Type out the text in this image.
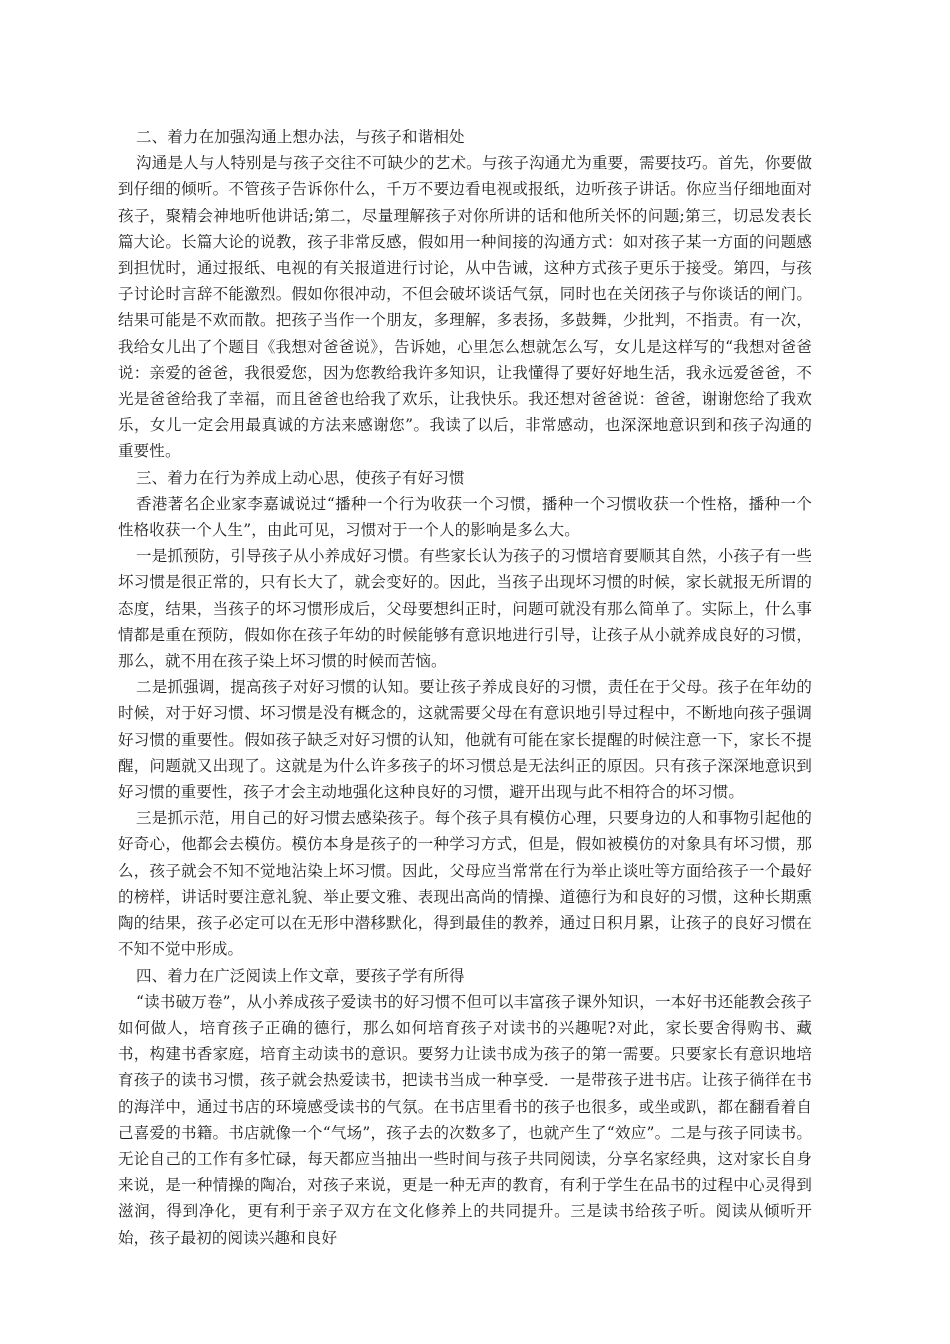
二、着力在加强沟通上想办法，与孩子和谐相处

沟通是人与人特别是与孩子交往不可缺少的艺术。与孩子沟通尤为重要，需要技巧。首先，你要做到仔细的倾听。不管孩子告诉你什么，千万不要边看电视或报纸，边听孩子讲话。你应当仔细地面对孩子，聚精会神地听他讲话;第二，尽量理解孩子对你所讲的话和他所关怀的问题;第三，切忌发表长篇大论。长篇大论的说教，孩子非常反感，假如用一种间接的沟通方式：如对孩子某一方面的问题感到担忧时，通过报纸、电视的有关报道进行讨论，从中告诫，这种方式孩子更乐于接受。第四，与孩子讨论时言辞不能激烈。假如你很冲动，不但会破坏谈话气氛，同时也在关闭孩子与你谈话的闸门。结果可能是不欢而散。把孩子当作一个朋友，多理解，多表扬，多鼓舞，少批判，不指责。有一次，我给女儿出了个题目《我想对爸爸说》，告诉她，心里怎么想就怎么写，女儿是这样写的“我想对爸爸说：亲爱的爸爸，我很爱您，因为您教给我许多知识，让我懂得了要好好地生活，我永远爱爸爸，不光是爸爸给我了幸福，而且爸爸也给我了欢乐，让我快乐。我还想对爸爸说：爸爸，谢谢您给了我欢乐，女儿一定会用最真诚的方法来感谢您”。我读了以后，非常感动，也深深地意识到和孩子沟通的重要性。

三、着力在行为养成上动心思，使孩子有好习惯

香港著名企业家李嘉诚说过“播种一个行为收获一个习惯，播种一个习惯收获一个性格，播种一个性格收获一个人生”，由此可见，习惯对于一个人的影响是多么大。

一是抓预防，引导孩子从小养成好习惯。有些家长认为孩子的习惯培育要顺其自然，小孩子有一些坏习惯是很正常的，只有长大了，就会变好的。因此，当孩子出现坏习惯的时候，家长就报无所谓的态度，结果，当孩子的坏习惯形成后，父母要想纠正时，问题可就没有那么简单了。实际上，什么事情都是重在预防，假如你在孩子年幼的时候能够有意识地进行引导，让孩子从小就养成良好的习惯，那么，就不用在孩子染上坏习惯的时候而苦恼。

二是抓强调，提高孩子对好习惯的认知。要让孩子养成良好的习惯，责任在于父母。孩子在年幼的时候，对于好习惯、坏习惯是没有概念的，这就需要父母在有意识地引导过程中，不断地向孩子强调好习惯的重要性。假如孩子缺乏对好习惯的认知，他就有可能在家长提醒的时候注意一下，家长不提醒，问题就又出现了。这就是为什么许多孩子的坏习惯总是无法纠正的原因。只有孩子深深地意识到好习惯的重要性，孩子才会主动地强化这种良好的习惯，避开出现与此不相符合的坏习惯。

三是抓示范，用自己的好习惯去感染孩子。每个孩子具有模仿心理，只要身边的人和事物引起他的好奇心，他都会去模仿。模仿本身是孩子的一种学习方式，但是，假如被模仿的对象具有坏习惯，那么，孩子就会不知不觉地沾染上坏习惯。因此，父母应当常常在行为举止谈吐等方面给孩子一个最好的榜样，讲话时要注意礼貌、举止要文雅、表现出高尚的情操、道德行为和良好的习惯，这种长期熏陶的结果，孩子必定可以在无形中潜移默化，得到最佳的教养，通过日积月累，让孩子的良好习惯在不知不觉中形成。

四、着力在广泛阅读上作文章，要孩子学有所得

“读书破万卷”，从小养成孩子爱读书的好习惯不但可以丰富孩子课外知识，一本好书还能教会孩子如何做人，培育孩子正确的德行，那么如何培育孩子对读书的兴趣呢?对此，家长要舍得购书、藏书，构建书香家庭，培育主动读书的意识。要努力让读书成为孩子的第一需要。只要家长有意识地培育孩子的读书习惯，孩子就会热爱读书，把读书当成一种享受．一是带孩子进书店。让孩子徜徉在书的海洋中，通过书店的环境感受读书的气氛。在书店里看书的孩子也很多，或坐或趴，都在翻看着自己喜爱的书籍。书店就像一个“气场”，孩子去的次数多了，也就产生了“效应”。二是与孩子同读书。无论自己的工作有多忙碌，每天都应当抽出一些时间与孩子共同阅读，分享名家经典，这对家长自身来说，是一种情操的陶冶，对孩子来说，更是一种无声的教育，有利于学生在品书的过程中心灵得到滋润，得到净化，更有利于亲子双方在文化修养上的共同提升。三是读书给孩子听。阅读从倾听开始，孩子最初的阅读兴趣和良好
